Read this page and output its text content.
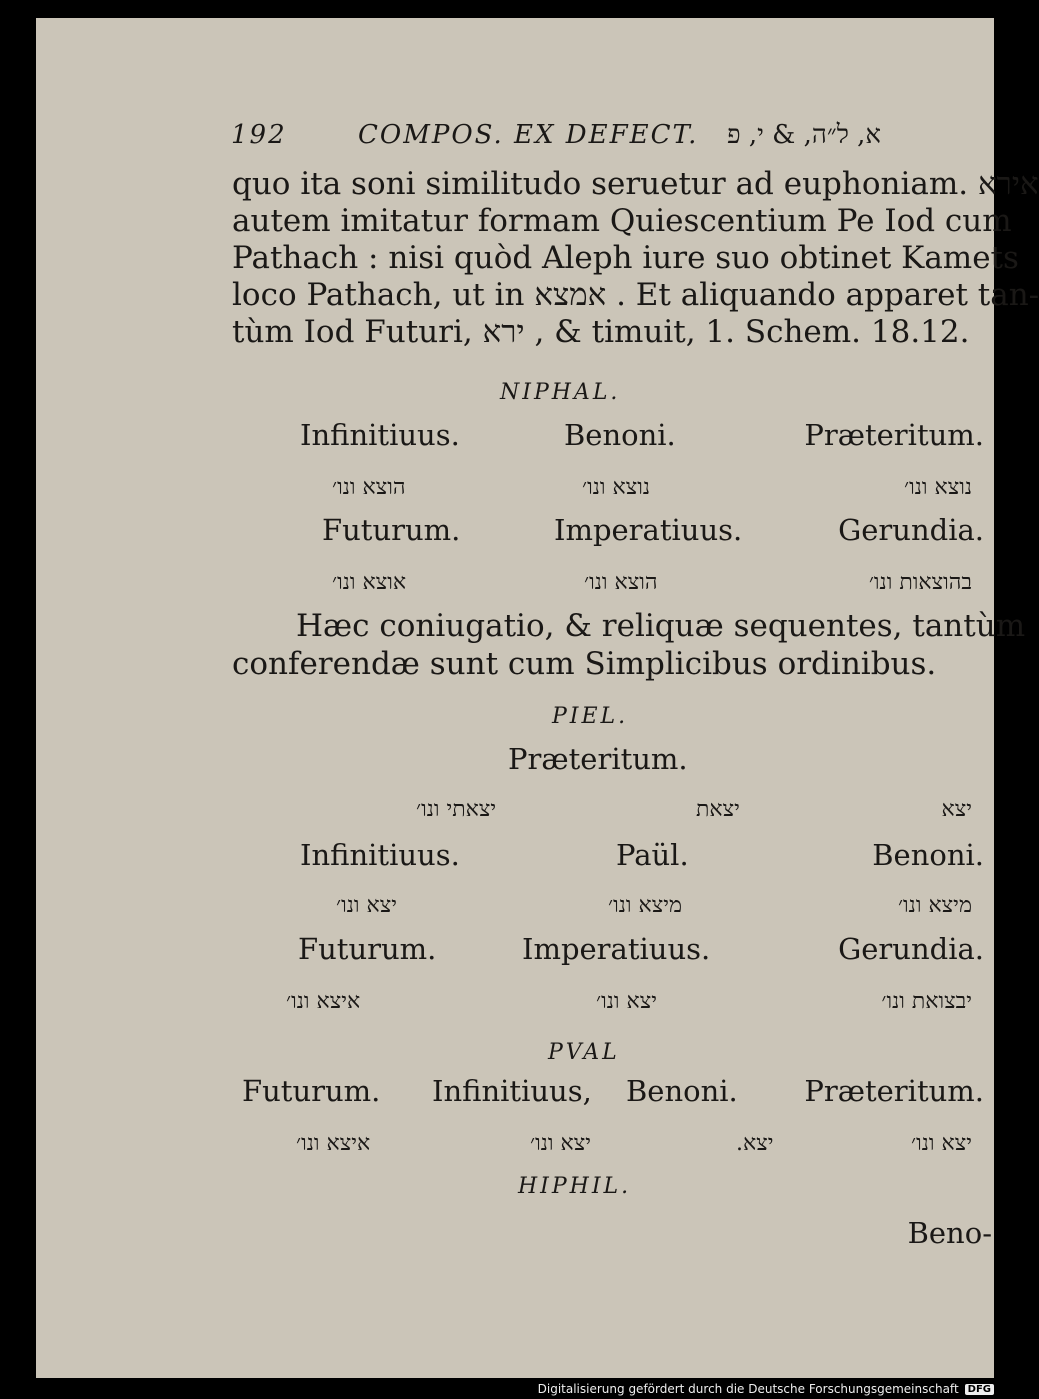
192	COMPOS. EX DEFECT. א, ל״ה, & י, פ
quo ita soni similitudo seruetur ad euphoniam. אירא
autem imitatur formam Quiescentium Pe Iod cum
Pathach : nisi quòd Aleph iure suo obtinet Kamets
loco Pathach, ut in אמצא . Et aliquando apparet tan-
tùm Iod Futuri, ירא , & timuit, 1. Schem. 18.12.
NIPHAL.
Infinitiuus.	Benoni.	Præteritum.
הוצא ונו׳	נוצא ונו׳	נוצא ונו׳
Futurum.	Imperatiuus.	Gerundia.
אוצא ונו׳	הוצא ונו׳	בהוצאות ונו׳
Hæc coniugatio, & reliquæ sequentes, tantùm
conferendæ sunt cum Simplicibus ordinibus.
PIEL.
Præteritum.
יצאתי ונו׳	יצאת	יצא
Infinitiuus.	Paül.	Benoni.
יצא ונו׳	מיצא ונו׳	מיצא ונו׳
Futurum.	Imperatiuus.	Gerundia.
איצא ונו׳	יצא ונו׳	יבצואת ונו׳
PVAL
Futurum. Infinitiuus, Benoni. Præteritum.
איצא ונו׳	יצא ונו׳	יצא.	יצא ונו׳
HIPHIL.
Beno-
Digitalisierung gefördert durch die Deutsche Forschungsgemeinschaft DFG
